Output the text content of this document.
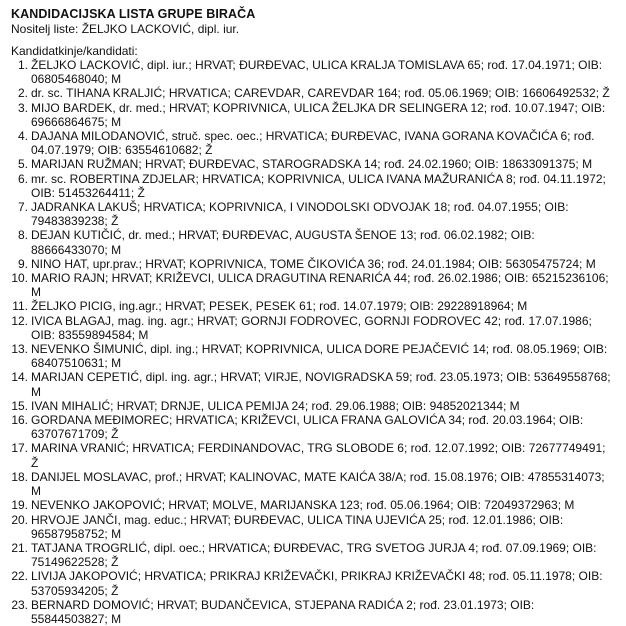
KANDIDACIJSKA LISTA GRUPE BIRAČA
Nositelj liste: ŽELJKO LACKOVIĆ, dipl. iur.
Kandidatkinje/kandidati:
1. ŽELJKO LACKOVIĆ, dipl. iur.; HRVAT; ĐURĐEVAC, ULICA KRALJA TOMISLAVA 65; rođ. 17.04.1971; OIB:
06805468040; M
2. dr. sc. TIHANA KRALJIĆ; HRVATICA; CAREVDAR, CAREVDAR 164; rođ. 05.06.1969; OIB: 16606492532; Ž
3. MIJO BARDEK, dr. med.; HRVAT; KOPRIVNICA, ULICA ŽELJKA DR SELINGERA 12; rođ. 10.07.1947; OIB:
69666864675; M
4. DAJANA MILODANOVIĆ, struč. spec. oec.; HRVATICA; ĐURĐEVAC, IVANA GORANA KOVAČIĆA 6; rođ.
04.07.1979; OIB: 63554610682; Ž
5. MARIJAN RUŽMAN; HRVAT; ĐURĐEVAC, STAROGRADSKA 14; rođ. 24.02.1960; OIB: 18633091375; M
6. mr. sc. ROBERTINA ZDJELAR; HRVATICA; KOPRIVNICA, ULICA IVANA MAŽURANIĆA 8; rođ. 04.11.1972;
OIB: 51453264411; Ž
7. JADRANKA LAKUŠ; HRVATICA; KOPRIVNICA, I VINODOLSKI ODVOJAK 18; rođ. 04.07.1955; OIB:
79483839238; Ž
8. DEJAN KUTIČIĆ, dr. med.; HRVAT; ĐURĐEVAC, AUGUSTA ŠENOE 13; rođ. 06.02.1982; OIB:
88666433070; M
9. NINO HAT, upr.prav.; HRVAT; KOPRIVNICA, TOME ČIKOVIĆA 36; rođ. 24.01.1984; OIB: 56305475724; M
10. MARIO RAJN; HRVAT; KRIŽEVCI, ULICA DRAGUTINA RENARIĆA 44; rođ. 26.02.1986; OIB: 65215236106; M
11. ŽELJKO PICIG, ing.agr.; HRVAT; PESEK, PESEK 61; rođ. 14.07.1979; OIB: 29228918964; M
12. IVICA BLAGAJ, mag. ing. agr.; HRVAT; GORNJI FODROVEC, GORNJI FODROVEC 42; rođ. 17.07.1986;
OIB: 83559894584; M
13. NEVENKO ŠIMUNIĆ, dipl. ing.; HRVAT; KOPRIVNICA, ULICA DORE PEJAČEVIĆ 14; rođ. 08.05.1969; OIB:
68407510631; M
14. MARIJAN CEPETIĆ, dipl. ing. agr.; HRVAT; VIRJE, NOVIGRADSKA 59; rođ. 23.05.1973; OIB: 53649558768;
M
15. IVAN MIHALIĆ; HRVAT; DRNJE, ULICA PEMIJA 24; rođ. 29.06.1988; OIB: 94852021344; M
16. GORDANA MEĐIMOREC; HRVATICA; KRIŽEVCI, ULICA FRANA GALOVIĆA 34; rođ. 20.03.1964; OIB:
63707671709; Ž
17. MARINA VRANIĆ; HRVATICA; FERDINANDOVAC, TRG SLOBODE 6; rođ. 12.07.1992; OIB: 72677749491;
Ž
18. DANIJEL MOSLAVAC, prof.; HRVAT; KALINOVAC, MATE KAIĆA 38/A; rođ. 15.08.1976; OIB: 47855314073;
M
19. NEVENKO JAKOPOVIĆ; HRVAT; MOLVE, MARIJANSKA 123; rođ. 05.06.1964; OIB: 72049372963; M
20. HRVOJE JANČI, mag. educ.; HRVAT; ĐURĐEVAC, ULICA TINA UJEVIĆA 25; rođ. 12.01.1986; OIB:
96587958752; M
21. TATJANA TROGRLIĆ, dipl. oec.; HRVATICA; ĐURĐEVAC, TRG SVETOG JURJA 4; rođ. 07.09.1969; OIB:
75149622528; Ž
22. LIVIJA JAKOPOVIĆ; HRVATICA; PRIKRAJ KRIŽEVAČKI, PRIKRAJ KRIŽEVAČKI 48; rođ. 05.11.1978; OIB:
53705934205; Ž
23. BERNARD DOMOVIĆ; HRVAT; BUDANČEVICA, STJEPANA RADIĆA 2; rođ. 23.01.1973; OIB:
55844503827; M
